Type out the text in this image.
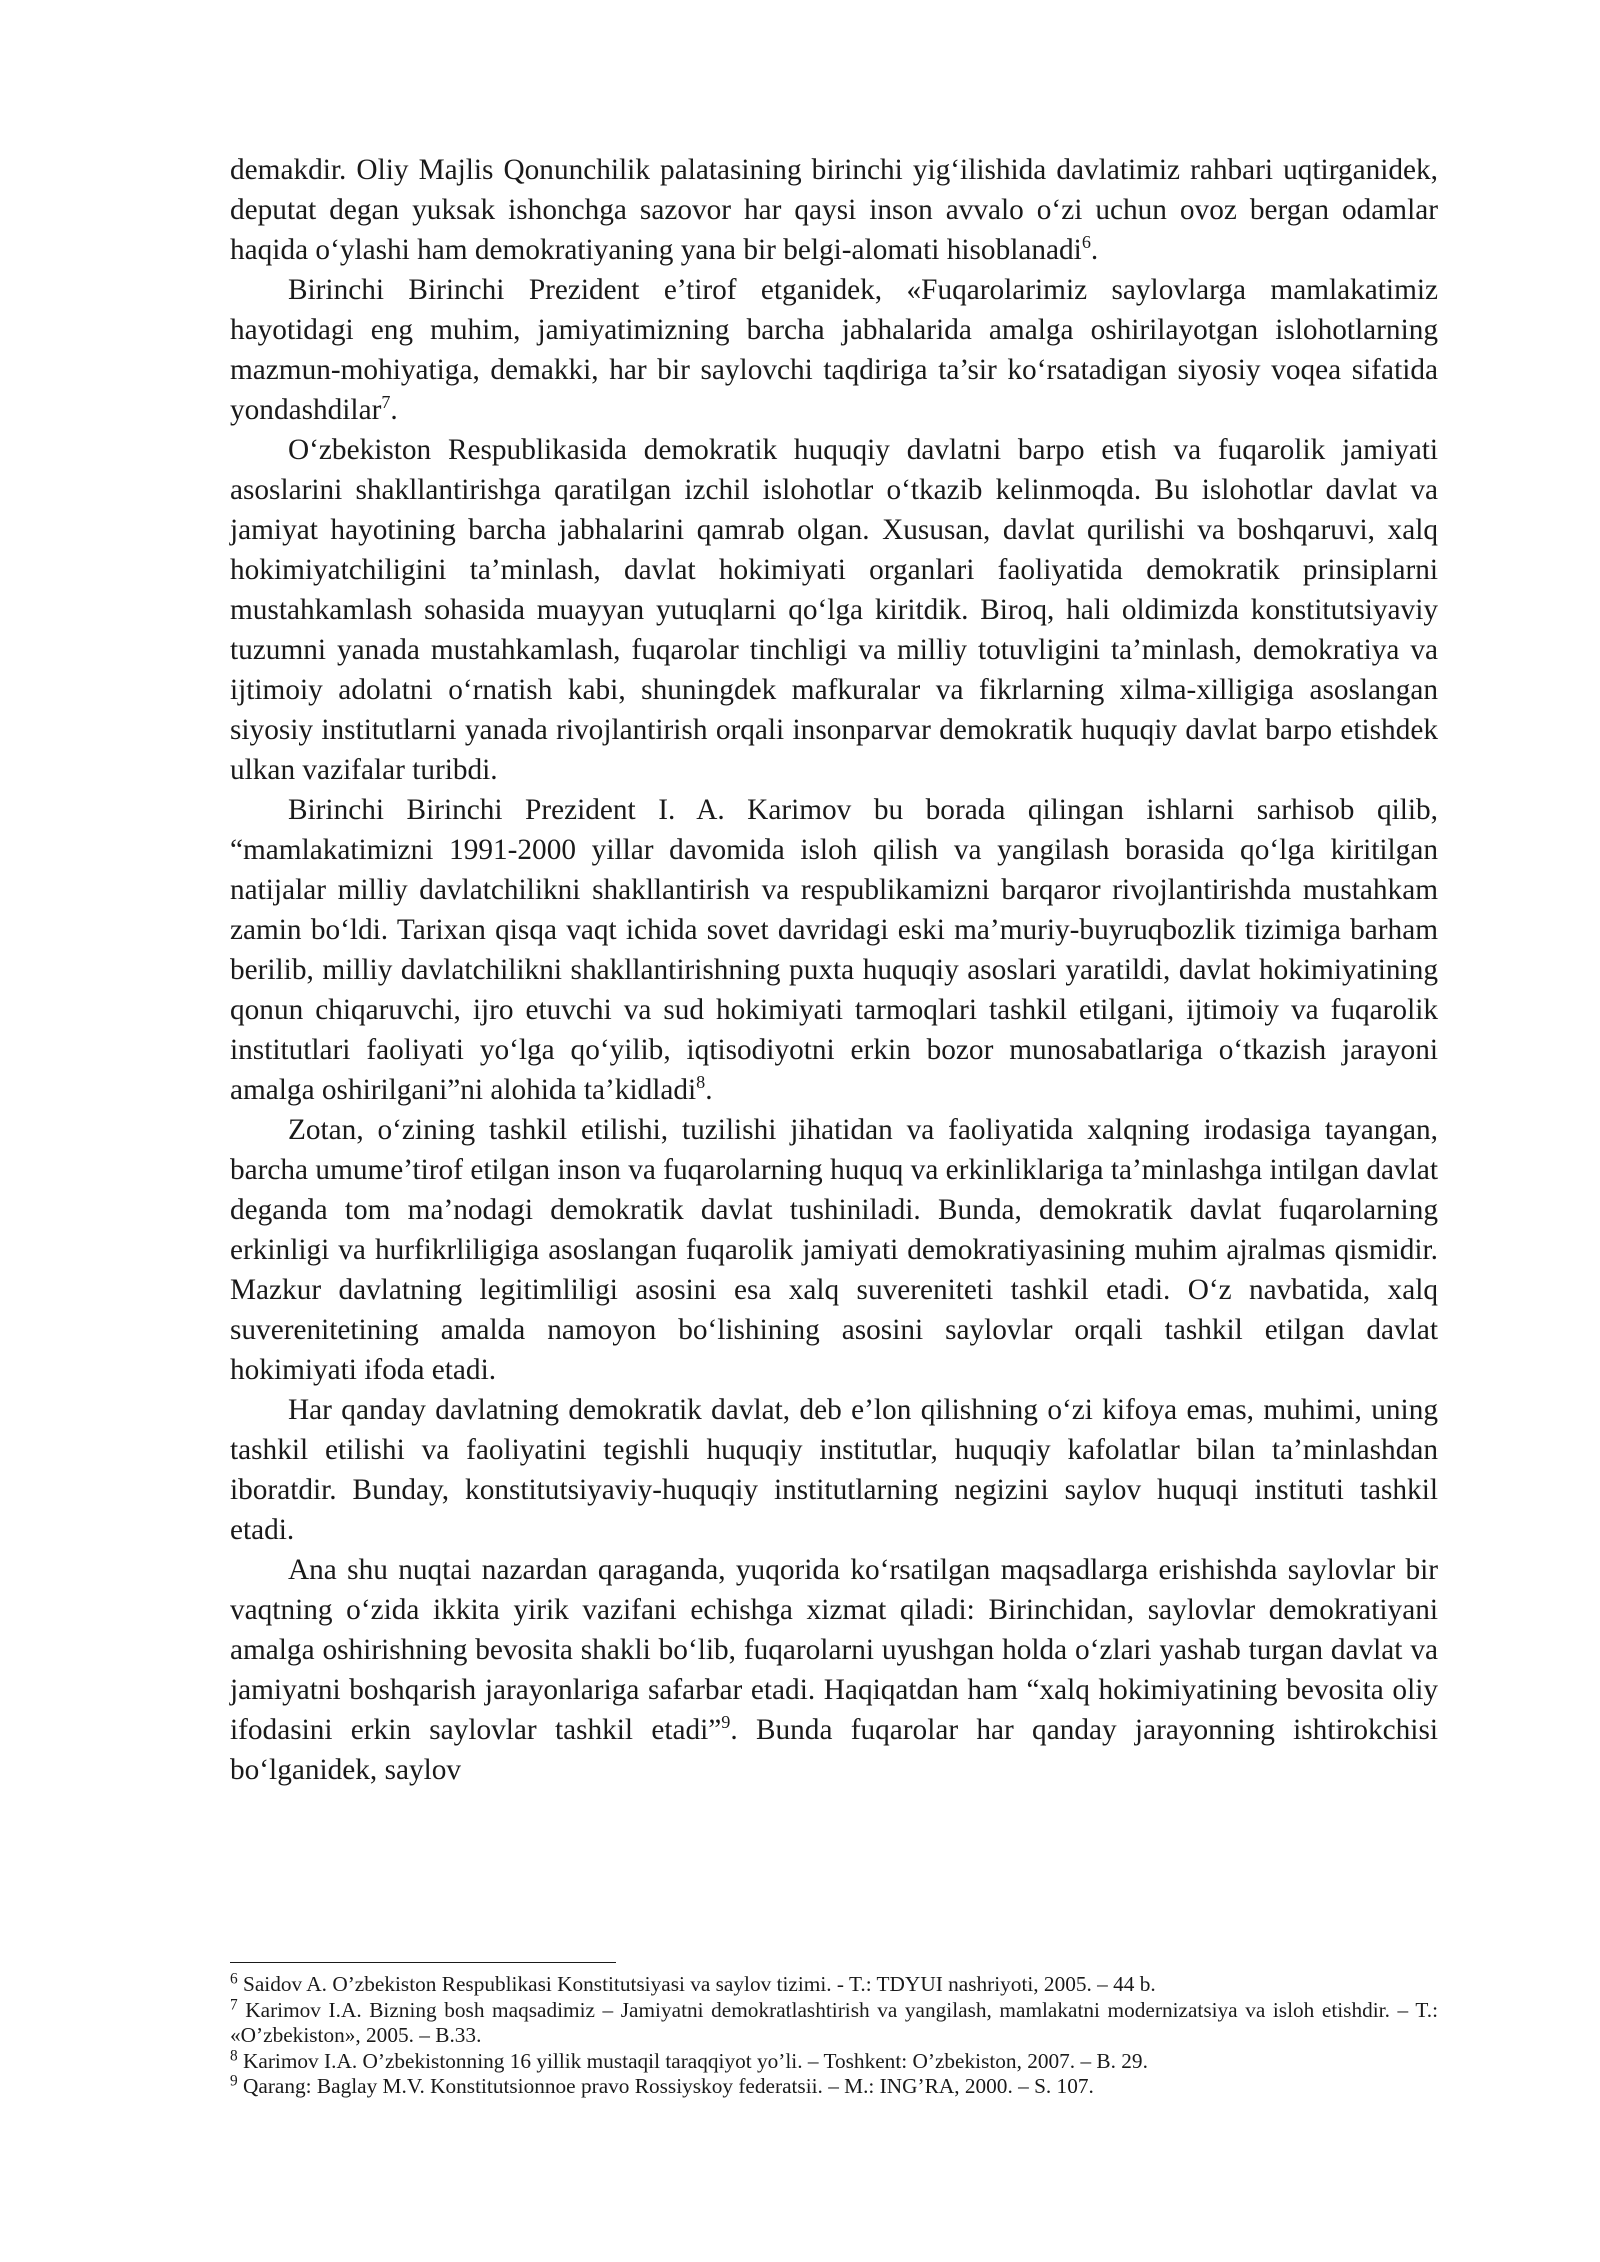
demakdir. Oliy Majlis Qonunchilik palatasining birinchi yig‘ilishida davlatimiz rahbari uqtirganidek, deputat degan yuksak ishonchga sazovor har qaysi inson avvalo o‘zi uchun ovoz bergan odamlar haqida o‘ylashi ham demokratiyaning yana bir belgi-alomati hisoblanadi$^6$.

Birinchi Birinchi Prezident e’tirof etganidek, «Fuqarolarimiz saylovlarga mamlakatimiz hayotidagi eng muhim, jamiyatimizning barcha jabhalarida amalga oshirilayotgan islohotlarning mazmun-mohiyatiga, demakki, har bir saylovchi taqdiriga ta’sir ko‘rsatadigan siyosiy voqea sifatida yondashdilar$^7$.

O‘zbekiston Respublikasida demokratik huquqiy davlatni barpo etish va fuqarolik jamiyati asoslarini shakllantirishga qaratilgan izchil islohotlar o‘tkazib kelinmoqda. Bu islohotlar davlat va jamiyat hayotining barcha jabhalarini qamrab olgan. Xususan, davlat qurilishi va boshqaruvi, xalq hokimiyatchiligini ta’minlash, davlat hokimiyati organlari faoliyatida demokratik prinsiplarni mustahkamlash sohasida muayyan yutuqlarni qo‘lga kiritdik. Biroq, hali oldimizda konstitutsiyaviy tuzumni yanada mustahkamlash, fuqarolar tinchligi va milliy totuvligini ta’minlash, demokratiya va ijtimoiy adolatni o‘rnatish kabi, shuningdek mafkuralar va fikrlarning xilma-xilligiga asoslangan siyosiy institutlarni yanada rivojlantirish orqali insonparvar demokratik huquqiy davlat barpo etishdek ulkan vazifalar turibdi.

Birinchi Birinchi Prezident I. A. Karimov bu borada qilingan ishlarni sarhisob qilib, “mamlakatimizni 1991-2000 yillar davomida isloh qilish va yangilash borasida qo‘lga kiritilgan natijalar milliy davlatchilikni shakllantirish va respublikamizni barqaror rivojlantirishda mustahkam zamin bo‘ldi. Tarixan qisqa vaqt ichida sovet davridagi eski ma’muriy-buyruqbozlik tizimiga barham berilib, milliy davlatchilikni shakllantirishning puxta huquqiy asoslari yaratildi, davlat hokimiyatining qonun chiqaruvchi, ijro etuvchi va sud hokimiyati tarmoqlari tashkil etilgani, ijtimoiy va fuqarolik institutlari faoliyati yo‘lga qo‘yilib, iqtisodiyotni erkin bozor munosabatlariga o‘tkazish jarayoni amalga oshirilgani”ni alohida ta’kidladi$^8$.

Zotan, o‘zining tashkil etilishi, tuzilishi jihatidan va faoliyatida xalqning irodasiga tayangan, barcha umume’tirof etilgan inson va fuqarolarning huquq va erkinliklariga ta’minlashga intilgan davlat deganda tom ma’nodagi demokratik davlat tushiniladi. Bunda, demokratik davlat fuqarolarning erkinligi va hurfikrliligiga asoslangan fuqarolik jamiyati demokratiyasining muhim ajralmas qismidir. Mazkur davlatning legitimliligi asosini esa xalq suvereniteti tashkil etadi. O‘z navbatida, xalq suverenitetining amalda namoyon bo‘lishining asosini saylovlar orqali tashkil etilgan davlat hokimiyati ifoda etadi.

Har qanday davlatning demokratik davlat, deb e’lon qilishning o‘zi kifoya emas, muhimi, uning tashkil etilishi va faoliyatini tegishli huquqiy institutlar, huquqiy kafolatlar bilan ta’minlashdan iboratdir. Bunday, konstitutsiyaviy-huquqiy institutlarning negizini saylov huquqi instituti tashkil etadi.

Ana shu nuqtai nazardan qaraganda, yuqorida ko‘rsatilgan maqsadlarga erishishda saylovlar bir vaqtning o‘zida ikkita yirik vazifani echishga xizmat qiladi: Birinchidan, saylovlar demokratiyani amalga oshirishning bevosita shakli bo‘lib, fuqarolarni uyushgan holda o‘zlari yashab turgan davlat va jamiyatni boshqarish jarayonlariga safarbar etadi. Haqiqatdan ham “xalq hokimiyatining bevosita oliy ifodasini erkin saylovlar tashkil etadi”$^9$. Bunda fuqarolar har qanday jarayonning ishtirokchisi bo‘lganidek, saylov

$^6$ Saidov A. O’zbekiston Respublikasi Konstitutsiyasi va saylov tizimi. - T.: TDYUI nashriyoti, 2005. – 44 b.

$^7$ Karimov I.A. Bizning bosh maqsadimiz – Jamiyatni demokratlashtirish va yangilash, mamlakatni modernizatsiya va isloh etishdir. – T.: «O’zbekiston», 2005. – B.33.

$^8$ Karimov I.A. O’zbekistonning 16 yillik mustaqil taraqqiyot yo’li. – Toshkent: O’zbekiston, 2007. – B. 29.

$^9$ Qarang: Baglay M.V. Konstitutsionnoe pravo Rossiyskoy federatsii. – M.: ING’RA, 2000. – S. 107.
